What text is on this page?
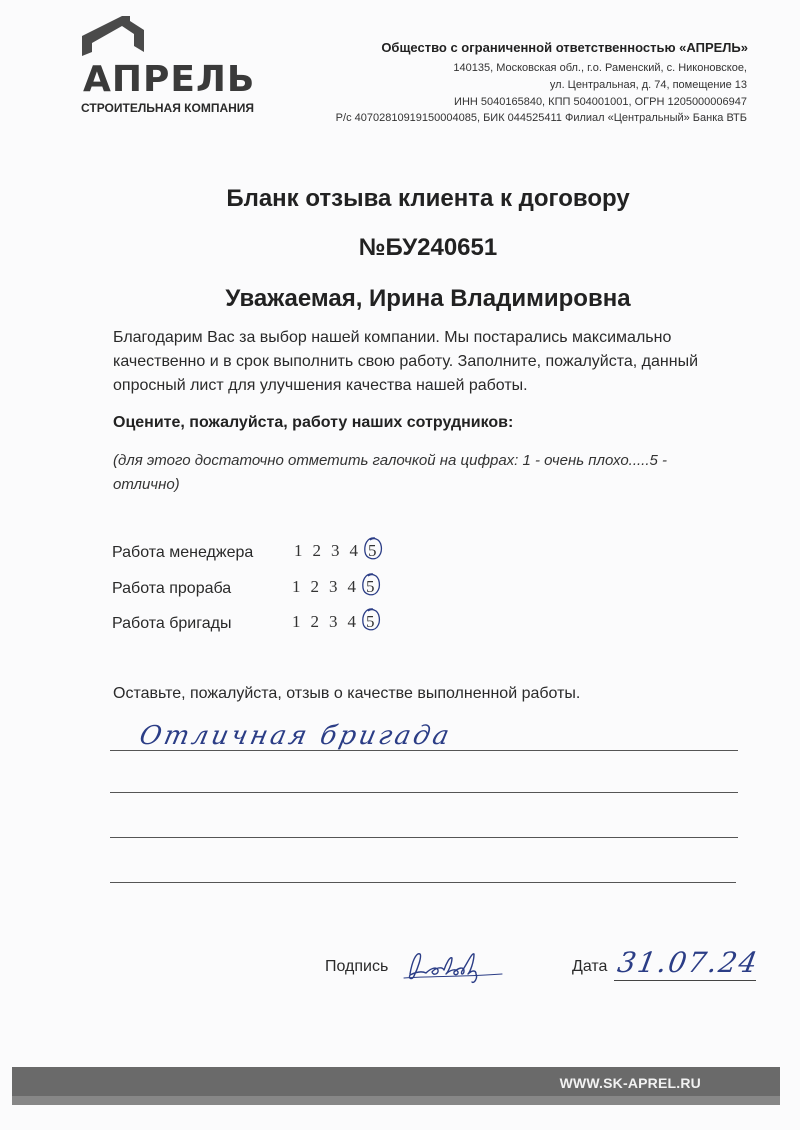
АПРЕЛЬ
СТРОИТЕЛЬНАЯ КОМПАНИЯ
Общество с ограниченной ответственностью «АПРЕЛЬ»
140135, Московская обл., г.о. Раменский, с. Никоновское,
ул. Центральная, д. 74, помещение 13
ИНН 5040165840, КПП 504001001, ОГРН 1205000006947
Р/с 40702810919150004085, БИК 044525411 Филиал «Центральный» Банка ВТБ
Бланк отзыва клиента к договору
№БУ240651
Уважаемая, Ирина Владимировна
Благодарим Вас за выбор нашей компании. Мы постарались максимально качественно и в срок выполнить свою работу. Заполните, пожалуйста, данный опросный лист для улучшения качества нашей работы.
Оцените, пожалуйста, работу наших сотрудников:
(для этого достаточно отметить галочкой на цифрах: 1 - очень плохо.....5 - отлично)
Работа менеджера 1 2 3 4 5
Работа прораба	1 2 3 4 5
Работа бригады	1 2 3 4 5
Оставьте, пожалуйста, отзыв о качестве выполненной работы.
Отличная бригада
Подпись	Дата 31.07.24
WWW.SK-APREL.RU
